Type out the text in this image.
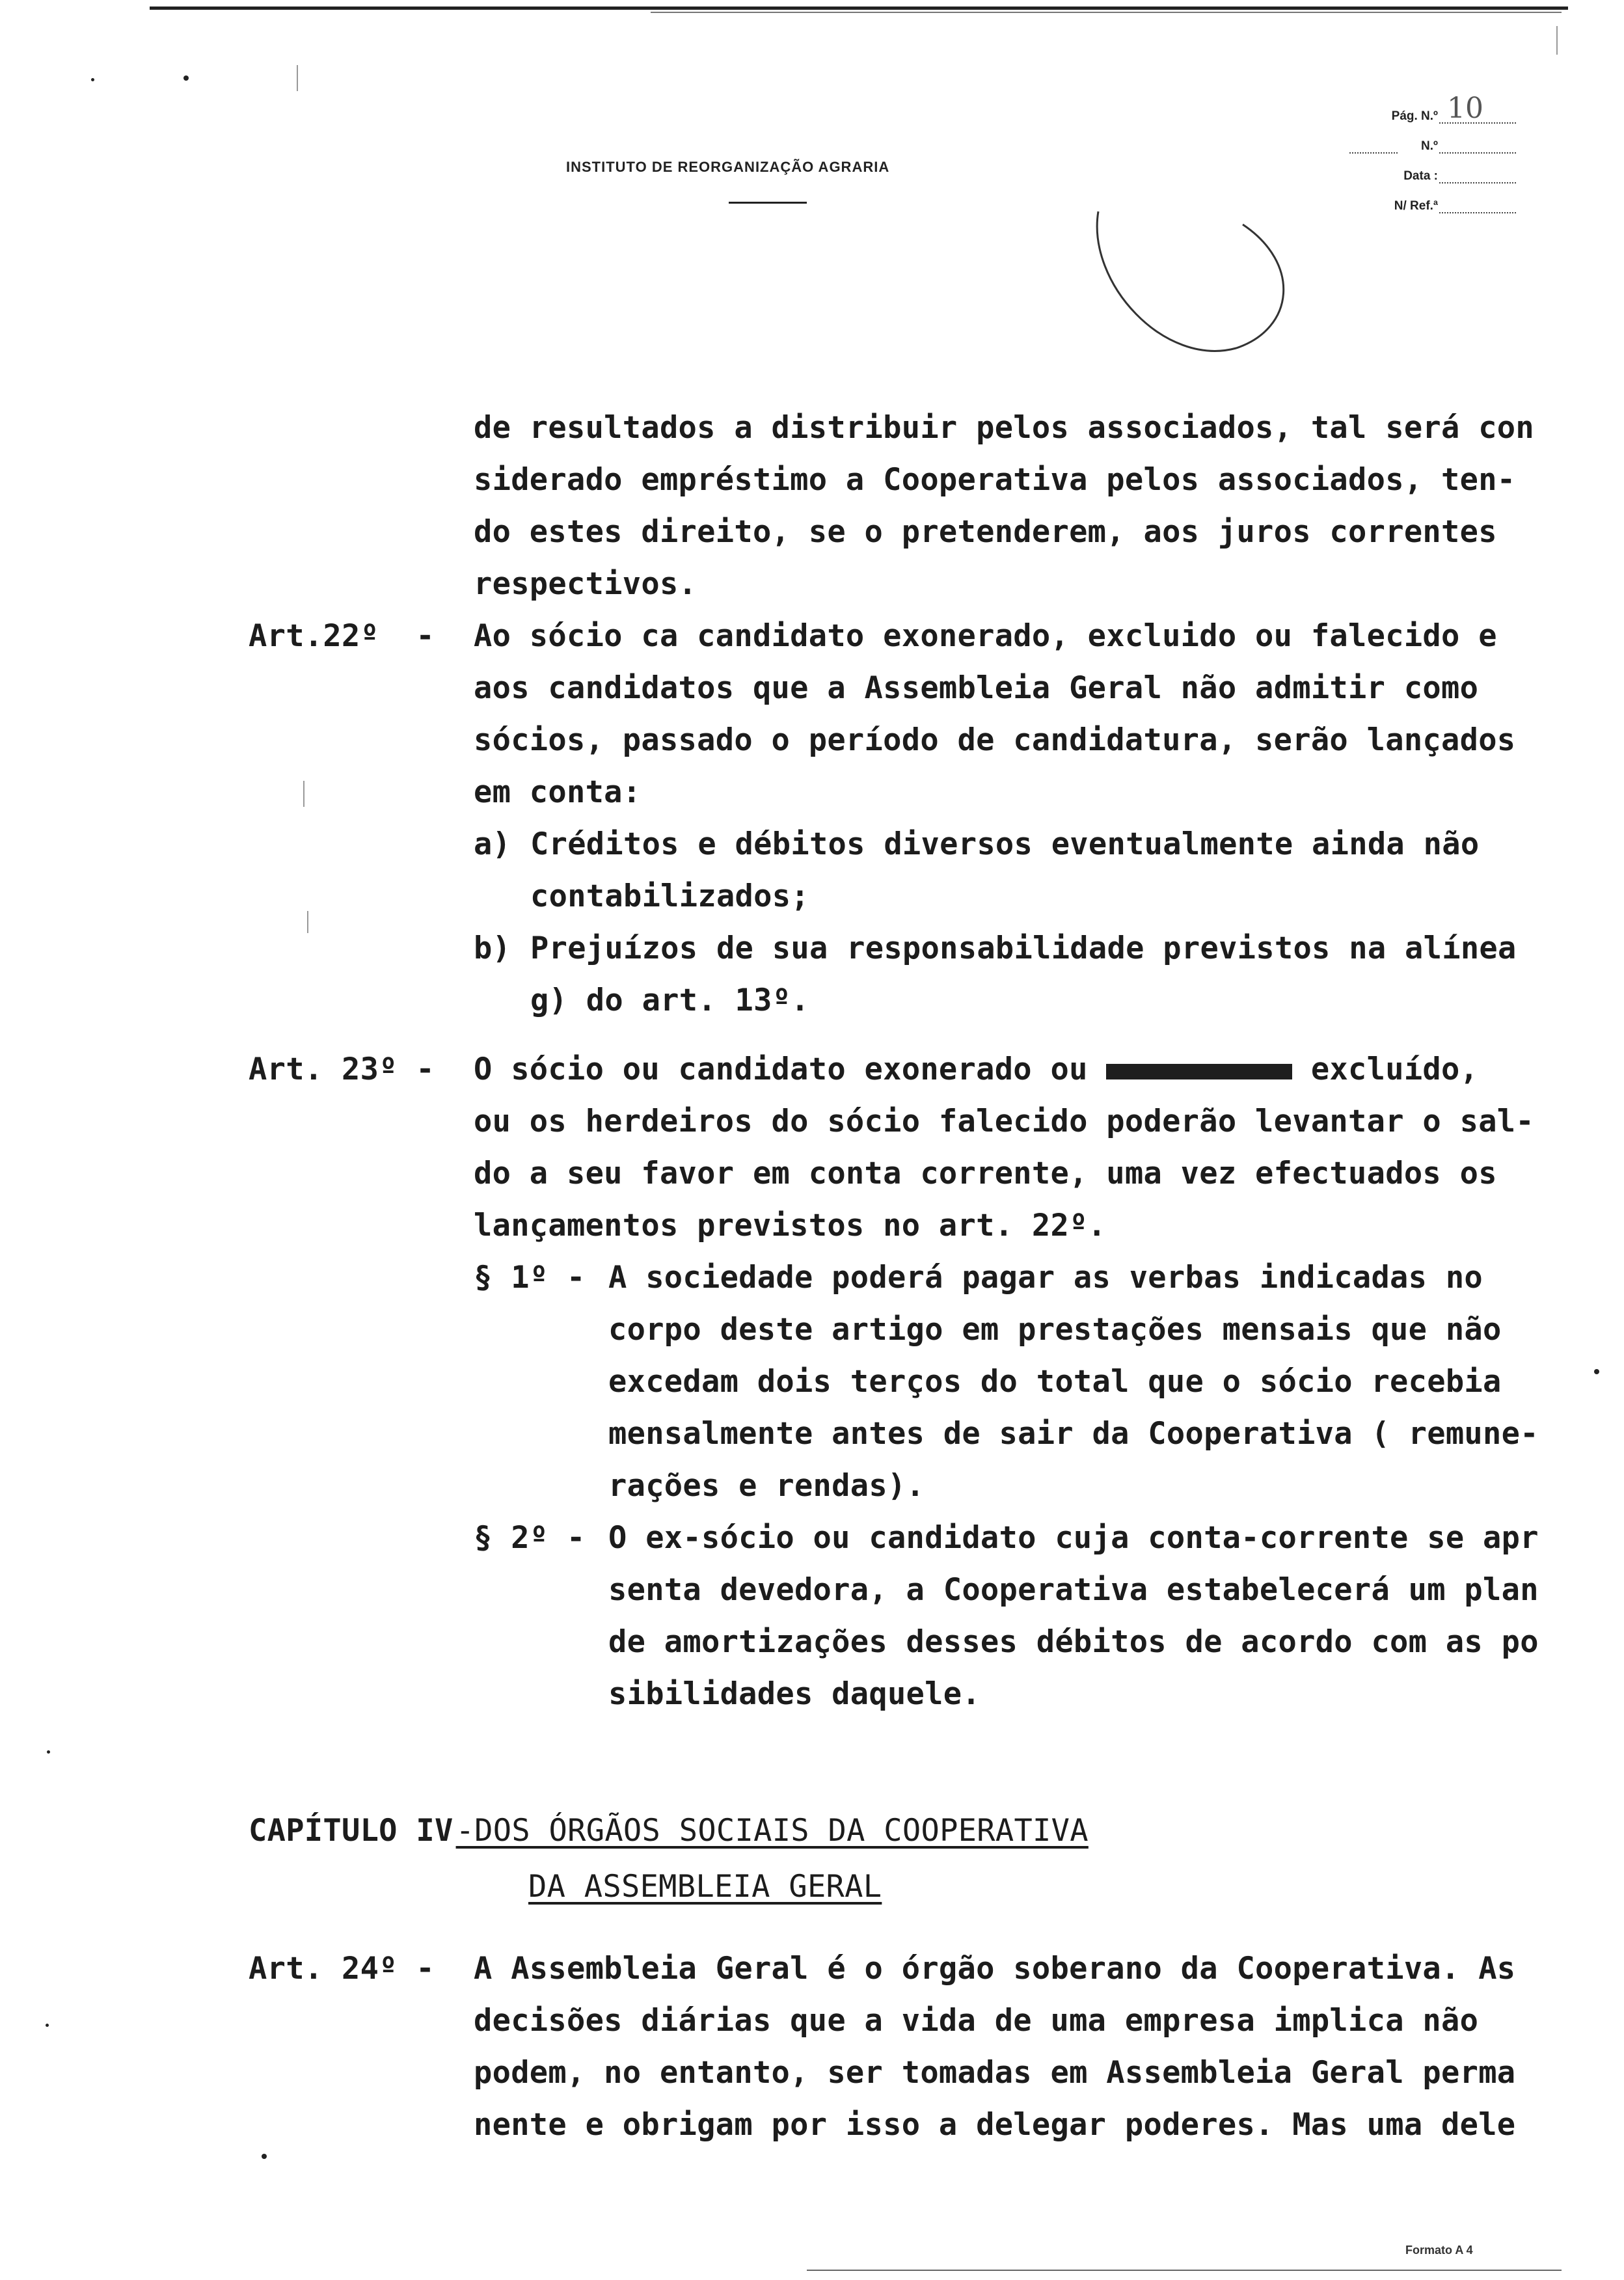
INSTITUTO DE REORGANIZAÇÃO AGRARIA
Pág. N.º 10
N.º
Data :
N/ Ref.ª
de resultados a distribuir pelos associados, tal será con
siderado empréstimo a Cooperativa pelos associados, ten-
do estes direito, se o pretenderem, aos juros correntes
respectivos.
Art.22º  - Ao sócio ca candidato exonerado, excluido ou falecido e
aos candidatos que a Assembleia Geral não admitir como
sócios, passado o período de candidatura, serão lançados
em conta:
a) Créditos e débitos diversos eventualmente ainda não
contabilizados;
b) Prejuízos de sua responsabilidade previstos na alínea
g) do art. 13º.
Art. 23º - O sócio ou candidato exonerado ou	excluído,
ou os herdeiros do sócio falecido poderão levantar o sal-
do a seu favor em conta corrente, uma vez efectuados os
lançamentos previstos no art. 22º.
§ 1º - A sociedade poderá pagar as verbas indicadas no
corpo deste artigo em prestações mensais que não
excedam dois terços do total que o sócio recebia
mensalmente antes de sair da Cooperativa ( remune-
rações e rendas).
§ 2º - O ex-sócio ou candidato cuja conta-corrente se apr
senta devedora, a Cooperativa estabelecerá um plan
de amortizações desses débitos de acordo com as po
sibilidades daquele.
CAPÍTULO IV-DOS ÓRGÃOS SOCIAIS DA COOPERATIVA
DA ASSEMBLEIA GERAL
Art. 24º - A Assembleia Geral é o órgão soberano da Cooperativa. As
decisões diárias que a vida de uma empresa implica não
podem, no entanto, ser tomadas em Assembleia Geral perma
nente e obrigam por isso a delegar poderes. Mas uma dele
Formato A 4
